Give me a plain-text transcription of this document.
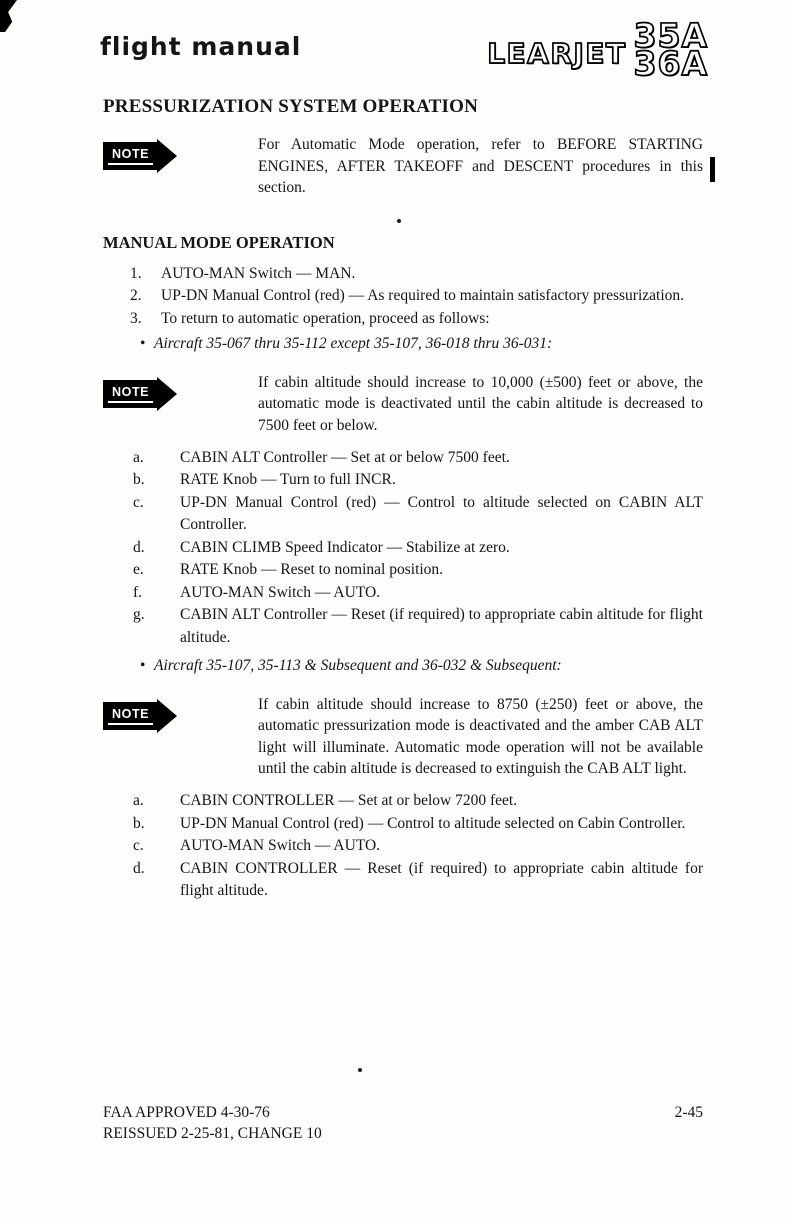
flight manual	LEARJET 35A
36A
PRESSURIZATION SYSTEM OPERATION
NOTE

For Automatic Mode operation, refer to BEFORE STARTING ENGINES, AFTER TAKEOFF and DESCENT procedures in this section.

MANUAL MODE OPERATION
1.	AUTO-MAN Switch — MAN.
2.	UP-DN Manual Control (red) — As required to maintain satisfactory pressurization.
3.	To return to automatic operation, proceed as follows:
• Aircraft 35-067 thru 35-112 except 35-107, 36-018 thru 36-031:
NOTE

If cabin altitude should increase to 10,000 (±500) feet or above, the automatic mode is deactivated until the cabin altitude is decreased to 7500 feet or below.

a.	CABIN ALT Controller — Set at or below 7500 feet.
b.	RATE Knob — Turn to full INCR.
c.	UP-DN Manual Control (red) — Control to altitude selected on CABIN ALT Controller.
d.	CABIN CLIMB Speed Indicator — Stabilize at zero.
e.	RATE Knob — Reset to nominal position.
f.	AUTO-MAN Switch — AUTO.
g.	CABIN ALT Controller — Reset (if required) to appropriate cabin altitude for flight altitude.
• Aircraft 35-107, 35-113 & Subsequent and 36-032 & Subsequent:
NOTE

If cabin altitude should increase to 8750 (±250) feet or above, the automatic pressurization mode is deactivated and the amber CAB ALT light will illuminate. Automatic mode operation will not be available until the cabin altitude is decreased to extinguish the CAB ALT light.

a.	CABIN CONTROLLER — Set at or below 7200 feet.
b.	UP-DN Manual Control (red) — Control to altitude selected on Cabin Controller.
c.	AUTO-MAN Switch — AUTO.
d.	CABIN CONTROLLER — Reset (if required) to appropriate cabin altitude for flight altitude.
FAA APPROVED 4-30-76
REISSUED 2-25-81, CHANGE 10
2-45
